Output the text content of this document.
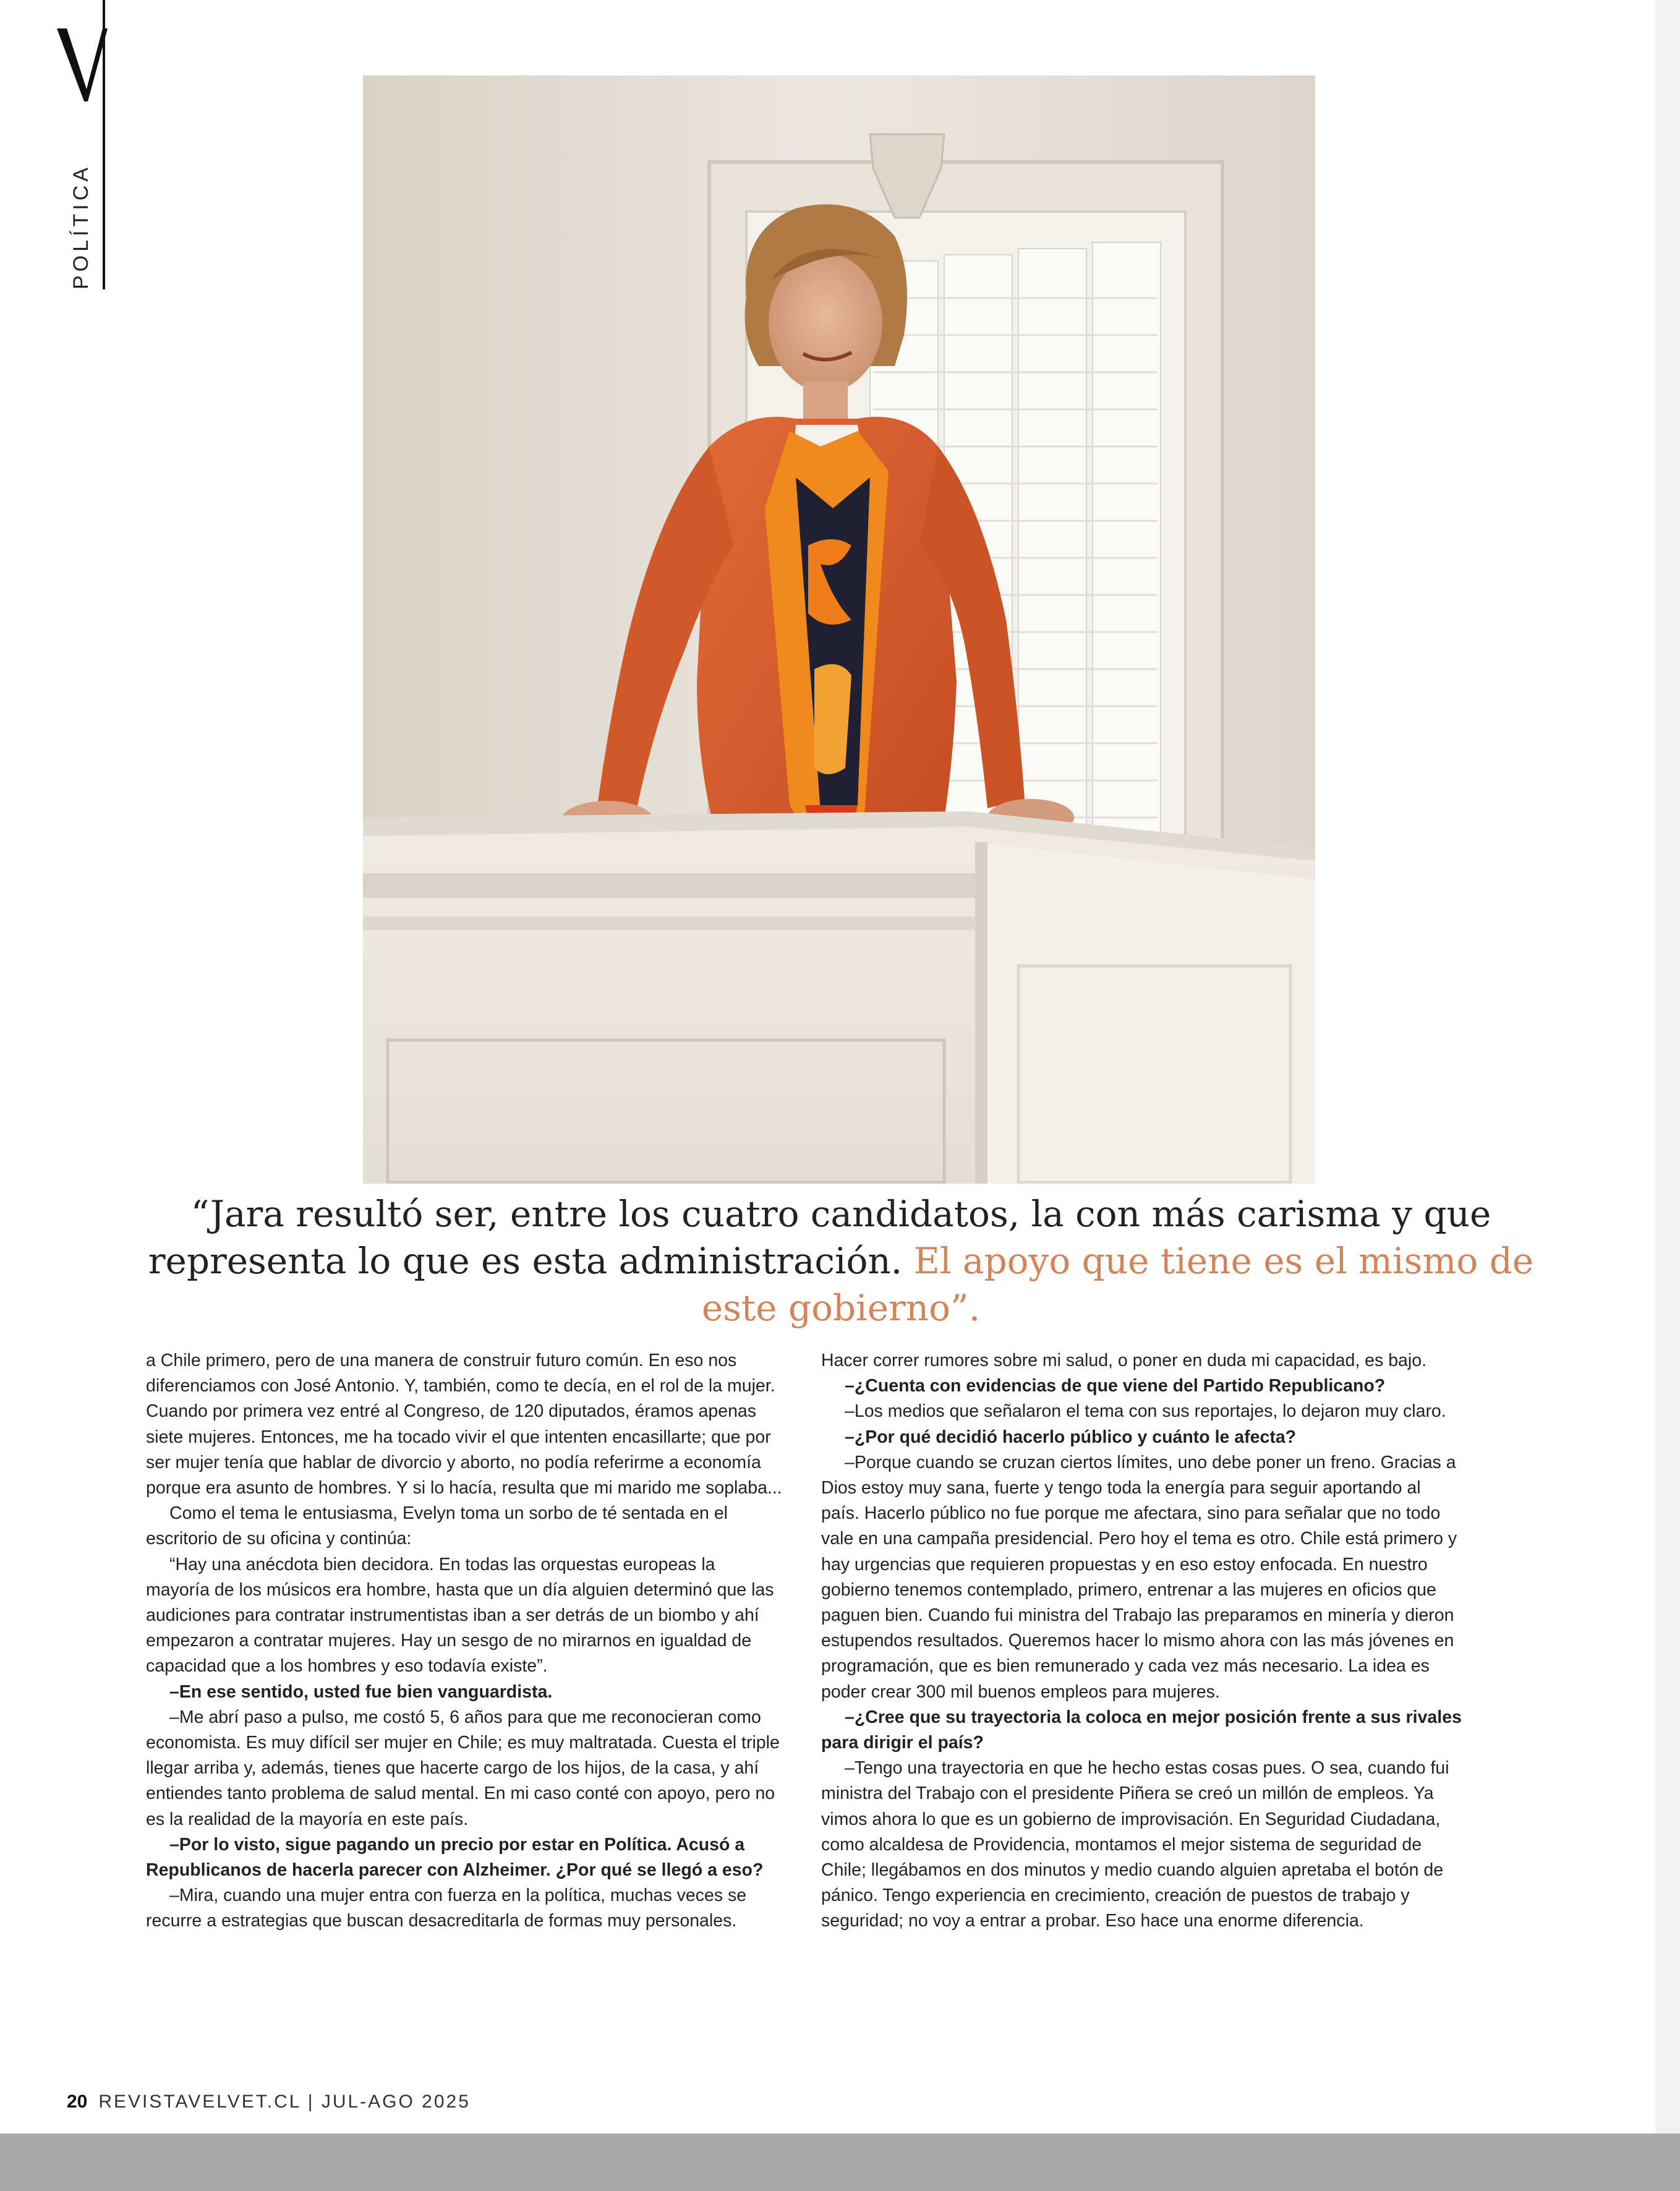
V
POLÍTICA
“Jara resultó ser, entre los cuatro candidatos, la con más carisma y que representa lo que es esta administración. El apoyo que tiene es el mismo de este gobierno”.

a Chile primero, pero de una manera de construir futuro común. En eso nos diferenciamos con José Antonio. Y, también, como te decía, en el rol de la mujer. Cuando por primera vez entré al Congreso, de 120 diputados, éramos apenas siete mujeres. Entonces, me ha tocado vivir el que intenten encasillarte; que por ser mujer tenía que hablar de divorcio y aborto, no podía referirme a economía porque era asunto de hombres. Y si lo hacía, resulta que mi marido me soplaba...

Como el tema le entusiasma, Evelyn toma un sorbo de té sentada en el escritorio de su oficina y continúa:

“Hay una anécdota bien decidora. En todas las orquestas europeas la mayoría de los músicos era hombre, hasta que un día alguien determinó que las audiciones para contratar instrumentistas iban a ser detrás de un biombo y ahí empezaron a contratar mujeres. Hay un sesgo de no mirarnos en igualdad de capacidad que a los hombres y eso todavía existe”.

–En ese sentido, usted fue bien vanguardista.

–Me abrí paso a pulso, me costó 5, 6 años para que me reconocieran como economista. Es muy difícil ser mujer en Chile; es muy maltratada. Cuesta el triple llegar arriba y, además, tienes que hacerte cargo de los hijos, de la casa, y ahí entiendes tanto problema de salud mental. En mi caso conté con apoyo, pero no es la realidad de la mayoría en este país.

–Por lo visto, sigue pagando un precio por estar en Política. Acusó a Republicanos de hacerla parecer con Alzheimer. ¿Por qué se llegó a eso?

–Mira, cuando una mujer entra con fuerza en la política, muchas veces se recurre a estrategias que buscan desacreditarla de formas muy personales.

Hacer correr rumores sobre mi salud, o poner en duda mi capacidad, es bajo.

–¿Cuenta con evidencias de que viene del Partido Republicano?

–Los medios que señalaron el tema con sus reportajes, lo dejaron muy claro.

–¿Por qué decidió hacerlo público y cuánto le afecta?

–Porque cuando se cruzan ciertos límites, uno debe poner un freno. Gracias a Dios estoy muy sana, fuerte y tengo toda la energía para seguir aportando al país. Hacerlo público no fue porque me afectara, sino para señalar que no todo vale en una campaña presidencial. Pero hoy el tema es otro. Chile está primero y hay urgencias que requieren propuestas y en eso estoy enfocada. En nuestro gobierno tenemos contemplado, primero, entrenar a las mujeres en oficios que paguen bien. Cuando fui ministra del Trabajo las preparamos en minería y dieron estupendos resultados. Queremos hacer lo mismo ahora con las más jóvenes en programación, que es bien remunerado y cada vez más necesario. La idea es poder crear 300 mil buenos empleos para mujeres.

–¿Cree que su trayectoria la coloca en mejor posición frente a sus rivales para dirigir el país?

–Tengo una trayectoria en que he hecho estas cosas pues. O sea, cuando fui ministra del Trabajo con el presidente Piñera se creó un millón de empleos. Ya vimos ahora lo que es un gobierno de improvisación. En Seguridad Ciudadana, como alcaldesa de Providencia, montamos el mejor sistema de seguridad de Chile; llegábamos en dos minutos y medio cuando alguien apretaba el botón de pánico. Tengo experiencia en crecimiento, creación de puestos de trabajo y seguridad; no voy a entrar a probar. Eso hace una enorme diferencia.

20 REVISTAVELVET.CL | JUL-AGO 2025
